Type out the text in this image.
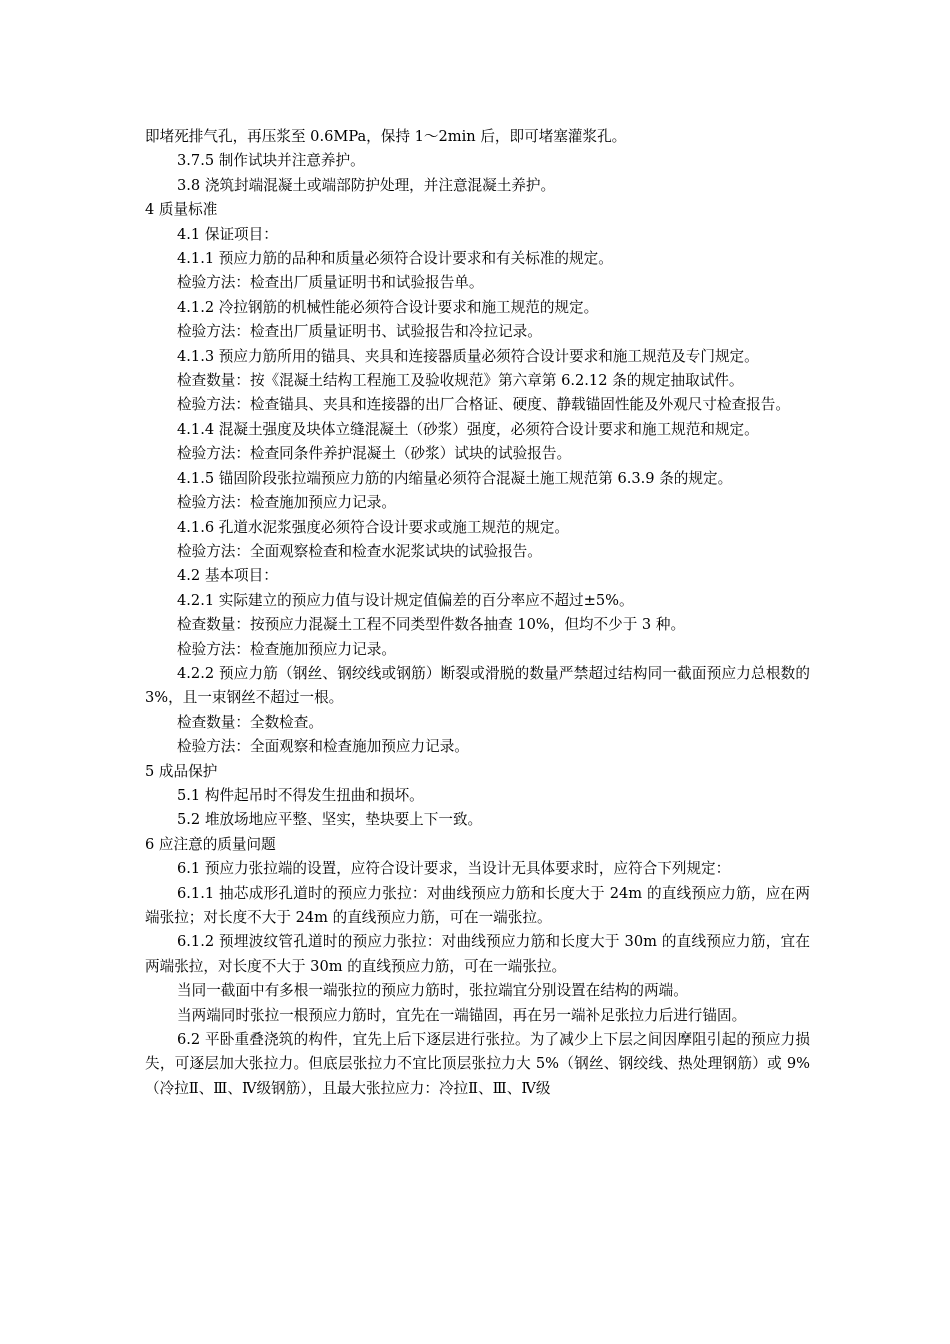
即堵死排气孔，再压浆至 0.6MPa，保持 1～2min 后，即可堵塞灌浆孔。

3.7.5 制作试块并注意养护。

3.8 浇筑封端混凝土或端部防护处理，并注意混凝土养护。

4 质量标准

4.1 保证项目：

4.1.1 预应力筋的品种和质量必须符合设计要求和有关标准的规定。

检验方法：检查出厂质量证明书和试验报告单。

4.1.2 冷拉钢筋的机械性能必须符合设计要求和施工规范的规定。

检验方法：检查出厂质量证明书、试验报告和冷拉记录。

4.1.3 预应力筋所用的锚具、夹具和连接器质量必须符合设计要求和施工规范及专门规定。

检查数量：按《混凝土结构工程施工及验收规范》第六章第 6.2.12 条的规定抽取试件。

检验方法：检查锚具、夹具和连接器的出厂合格证、硬度、静载锚固性能及外观尺寸检查报告。

4.1.4 混凝土强度及块体立缝混凝土（砂浆）强度，必须符合设计要求和施工规范和规定。

检验方法：检查同条件养护混凝土（砂浆）试块的试验报告。

4.1.5 锚固阶段张拉端预应力筋的内缩量必须符合混凝土施工规范第 6.3.9 条的规定。

检验方法：检查施加预应力记录。

4.1.6 孔道水泥浆强度必须符合设计要求或施工规范的规定。

检验方法：全面观察检查和检查水泥浆试块的试验报告。

4.2 基本项目：

4.2.1 实际建立的预应力值与设计规定值偏差的百分率应不超过±5%。

检查数量：按预应力混凝土工程不同类型件数各抽查 10%，但均不少于 3 种。

检验方法：检查施加预应力记录。

4.2.2 预应力筋（钢丝、钢绞线或钢筋）断裂或滑脱的数量严禁超过结构同一截面预应力总根数的 3%，且一束钢丝不超过一根。

检查数量：全数检查。

检验方法：全面观察和检查施加预应力记录。

5 成品保护

5.1 构件起吊时不得发生扭曲和损坏。

5.2 堆放场地应平整、坚实，垫块要上下一致。

6 应注意的质量问题

6.1 预应力张拉端的设置，应符合设计要求，当设计无具体要求时，应符合下列规定：

6.1.1 抽芯成形孔道时的预应力张拉：对曲线预应力筋和长度大于 24m 的直线预应力筋，应在两端张拉；对长度不大于 24m 的直线预应力筋，可在一端张拉。

6.1.2 预埋波纹管孔道时的预应力张拉：对曲线预应力筋和长度大于 30m 的直线预应力筋，宜在两端张拉，对长度不大于 30m 的直线预应力筋，可在一端张拉。

当同一截面中有多根一端张拉的预应力筋时，张拉端宜分别设置在结构的两端。

当两端同时张拉一根预应力筋时，宜先在一端锚固，再在另一端补足张拉力后进行锚固。

6.2 平卧重叠浇筑的构件，宜先上后下逐层进行张拉。为了减少上下层之间因摩阻引起的预应力损失，可逐层加大张拉力。但底层张拉力不宜比顶层张拉力大 5%（钢丝、钢绞线、热处理钢筋）或 9%（冷拉Ⅱ、Ⅲ、Ⅳ级钢筋），且最大张拉应力：冷拉Ⅱ、Ⅲ、Ⅳ级
